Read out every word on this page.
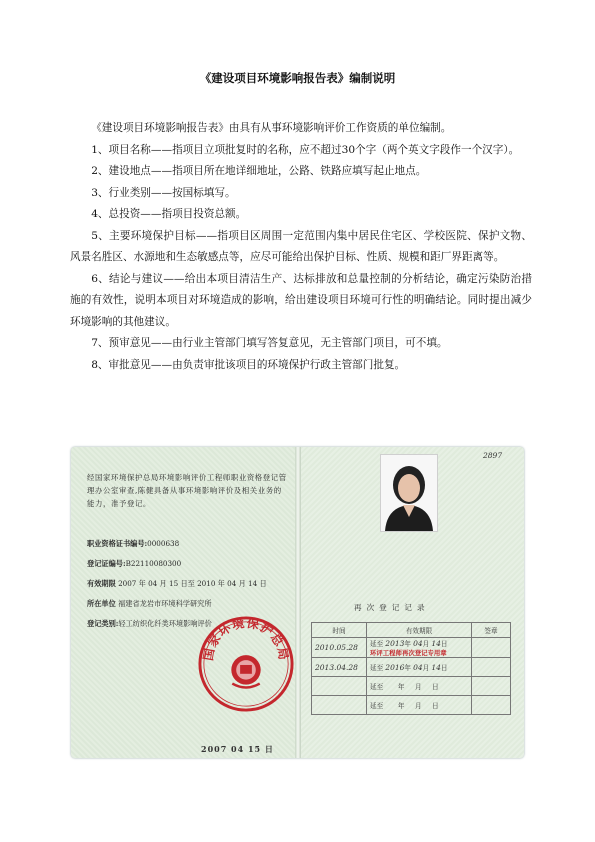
《建设项目环境影响报告表》编制说明

《建设项目环境影响报告表》由具有从事环境影响评价工作资质的单位编制。

1、项目名称——指项目立项批复时的名称，应不超过30个字（两个英文字段作一个汉字）。

2、建设地点——指项目所在地详细地址，公路、铁路应填写起止地点。

3、行业类别——按国标填写。

4、总投资——指项目投资总额。

5、主要环境保护目标——指项目区周围一定范围内集中居民住宅区、学校医院、保护文物、风景名胜区、水源地和生态敏感点等，应尽可能给出保护目标、性质、规模和距厂界距离等。

6、结论与建议——给出本项目清洁生产、达标排放和总量控制的分析结论，确定污染防治措施的有效性，说明本项目对环境造成的影响，给出建设项目环境可行性的明确结论。同时提出减少环境影响的其他建议。

7、预审意见——由行业主管部门填写答复意见，无主管部门项目，可不填。

8、审批意见——由负责审批该项目的环境保护行政主管部门批复。

经国家环境保护总局环境影响评价工程师职业资格登记管理办公室审查,陈健具备从事环境影响评价及相关业务的能力，准予登记。
职业资格证书编号:0000638
登记证编号:B22110080300
有效期限 2007 年 04 月 15 日至 2010 年 04 月 14 日
所在单位 福建省龙岩市环境科学研究所
登记类别:轻工纺织化纤类环境影响评价
国家环境保护总局
2007 04 15 日
2897
再次登记记录
时间	有效期限	签章
2010.05.28	延至 2013年 04月 14日
环评工程师再次登记专用章	

2013.04.28	延至 2016年 04月 14日	
	延至 年 月 日	
	延至 年 月 日	
